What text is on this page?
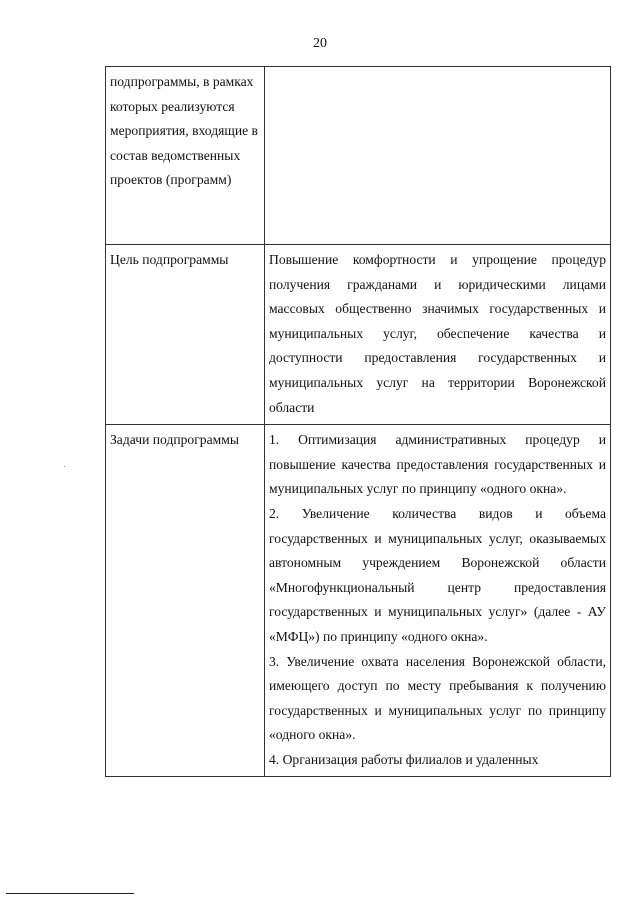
20
подпрограммы, в рамках которых реализуются мероприятия, входящие в состав ведомственных проектов (программ)	
Цель подпрограммы	Повышение комфортности и упрощение процедур получения гражданами и юридическими лицами массовых общественно значимых государственных и муниципальных услуг, обеспечение качества и доступности предоставления государственных и муниципальных услуг на территории Воронежской области
Задачи подпрограммы	1. Оптимизация административных процедур и повышение качества предоставления государственных и муниципальных услуг по принципу «одного окна».
2. Увеличение количества видов и объема государственных и муниципальных услуг, оказываемых автономным учреждением Воронежской области «Многофункциональный центр предоставления государственных и муниципальных услуг» (далее - АУ «МФЦ») по принципу «одного окна».
3. Увеличение охвата населения Воронежской области, имеющего доступ по месту пребывания к получению государственных и муниципальных услуг по принципу «одного окна».
4. Организация работы филиалов и удаленных
